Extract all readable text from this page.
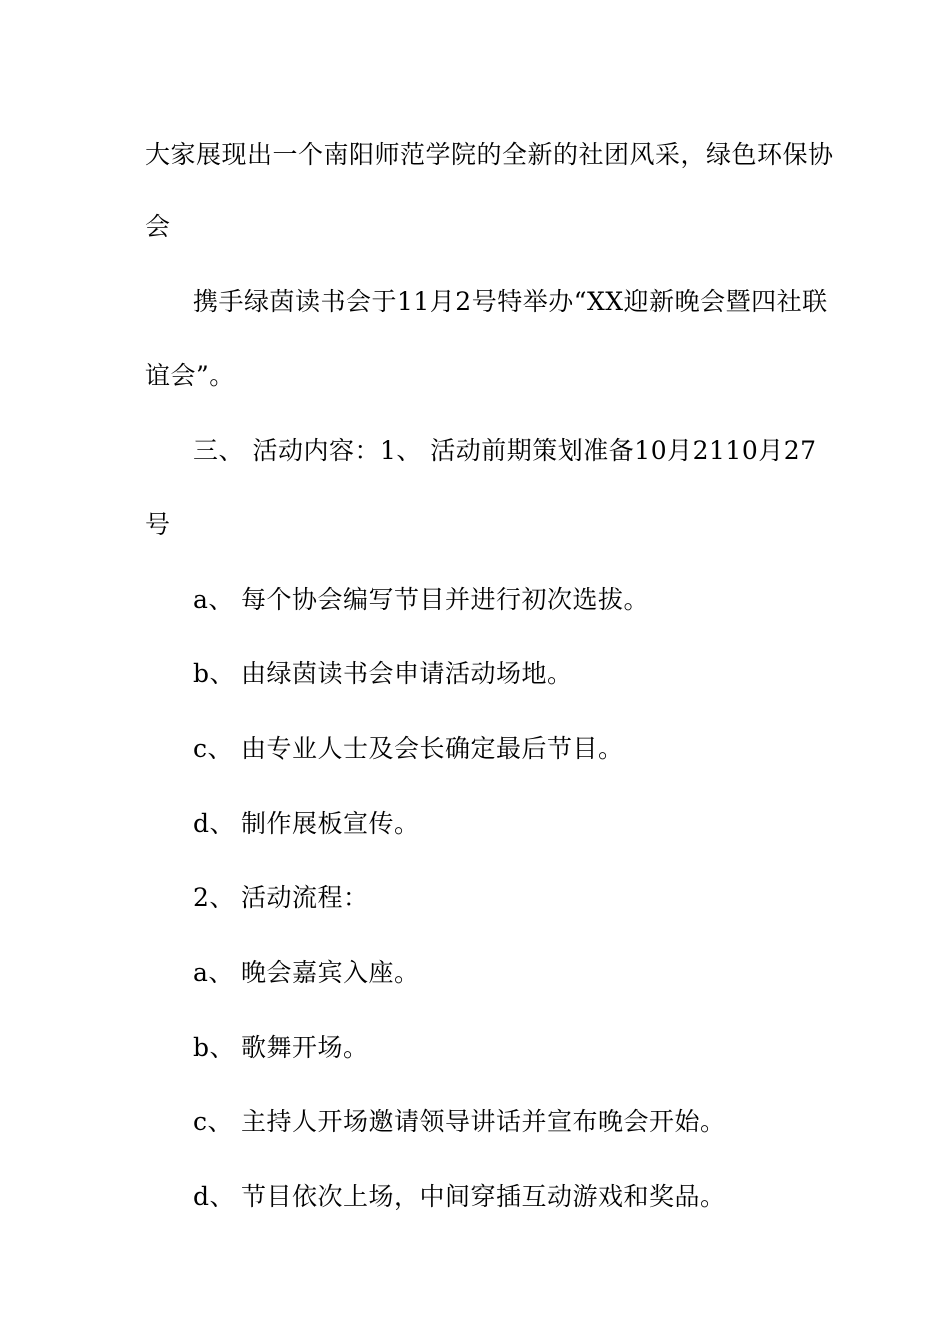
大家展现出一个南阳师范学院的全新的社团风采，绿色环保协
会
携手绿茵读书会于11月2号特举办“XX迎新晚会暨四社联
谊会”。
三、 活动内容：1、 活动前期策划准备10月2110月27
号
a、 每个协会编写节目并进行初次选拔。
b、 由绿茵读书会申请活动场地。
c、 由专业人士及会长确定最后节目。
d、 制作展板宣传。
2、 活动流程：
a、 晚会嘉宾入座。
b、 歌舞开场。
c、 主持人开场邀请领导讲话并宣布晚会开始。
d、 节目依次上场，中间穿插互动游戏和奖品。
